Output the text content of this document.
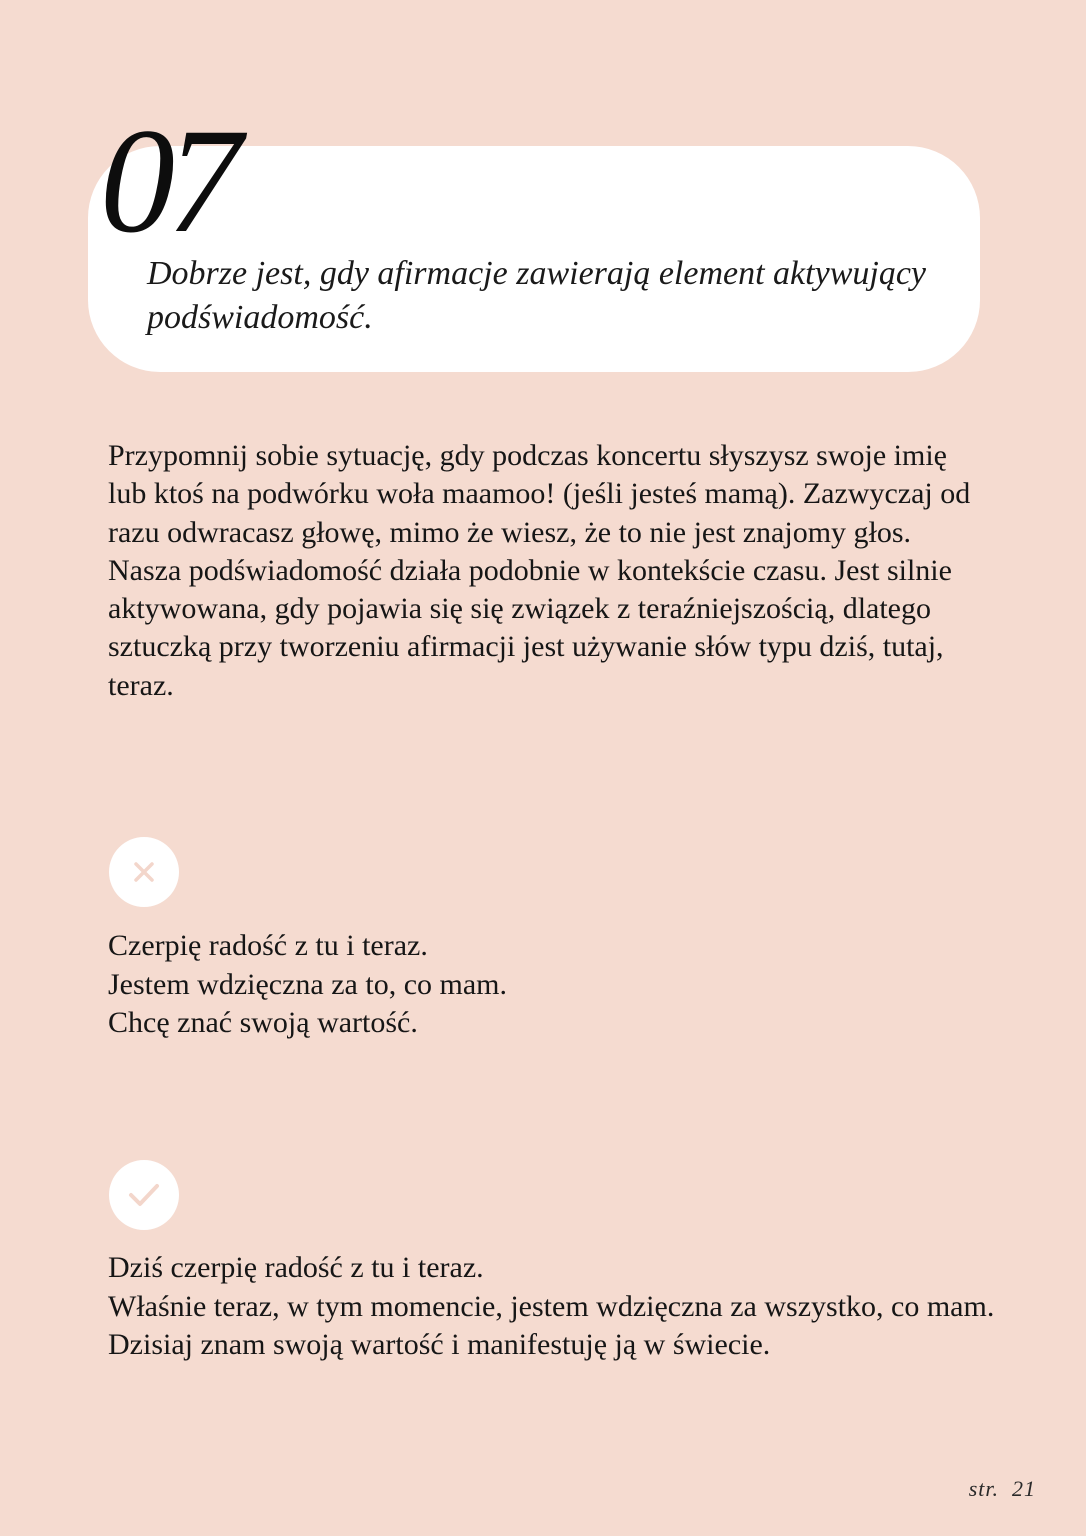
07
Dobrze jest, gdy afirmacje zawierają element aktywujący podświadomość.

Przypomnij sobie sytuację, gdy podczas koncertu słyszysz swoje imię lub ktoś na podwórku woła maamoo! (jeśli jesteś mamą). Zazwyczaj od razu odwracasz głowę, mimo że wiesz, że to nie jest znajomy głos. Nasza podświadomość działa podobnie w kontekście czasu. Jest silnie aktywowana, gdy pojawia się się związek z teraźniejszością, dlatego sztuczką przy tworzeniu afirmacji jest używanie słów typu dziś, tutaj, teraz.

Czerpię radość z tu i teraz.
Jestem wdzięczna za to, co mam.
Chcę znać swoją wartość.
Dziś czerpię radość z tu i teraz.
Właśnie teraz, w tym momencie, jestem wdzięczna za wszystko, co mam.
Dzisiaj znam swoją wartość i manifestuję ją w świecie.
str.  21
